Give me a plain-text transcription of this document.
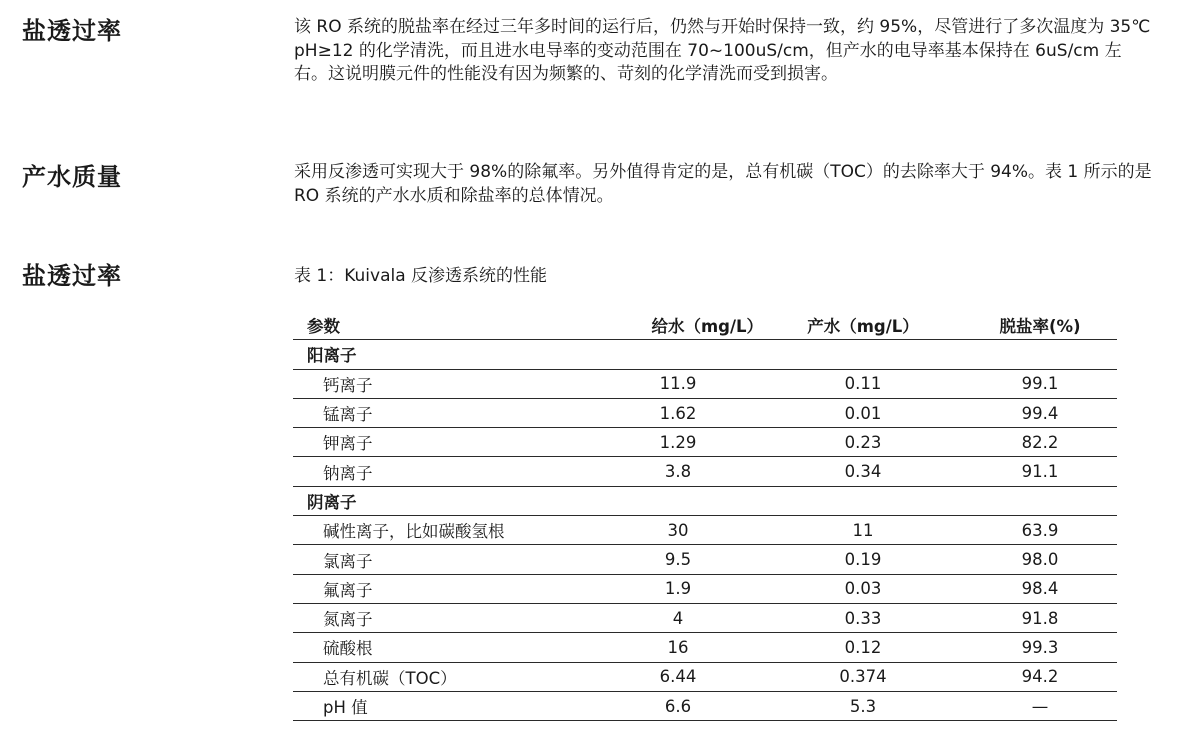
盐透过率	该 RO 系统的脱盐率在经过三年多时间的运行后，仍然与开始时保持一致，约 95%，尽管进行了多次温度为 35℃ pH≥12 的化学清洗，而且进水电导率的变动范围在 70~100uS/cm，但产水的电导率基本保持在 6uS/cm 左右。这说明膜元件的性能没有因为频繁的、苛刻的化学清洗而受到损害。
产水质量	采用反渗透可实现大于 98%的除氟率。另外值得肯定的是，总有机碳（TOC）的去除率大于 94%。表 1 所示的是 RO 系统的产水水质和除盐率的总体情况。
盐透过率	表 1：Kuivala 反渗透系统的性能
参数	给水（mg/L）	产水（mg/L）	脱盐率(%)
阳离子			
钙离子	11.9	0.11	99.1
锰离子	1.62	0.01	99.4
钾离子	1.29	0.23	82.2
钠离子	3.8	0.34	91.1
阴离子			
碱性离子，比如碳酸氢根	30	11	63.9
氯离子	9.5	0.19	98.0
氟离子	1.9	0.03	98.4
氮离子	4	0.33	91.8
硫酸根	16	0.12	99.3
总有机碳（TOC）	6.44	0.374	94.2
pH 值	6.6	5.3	—
